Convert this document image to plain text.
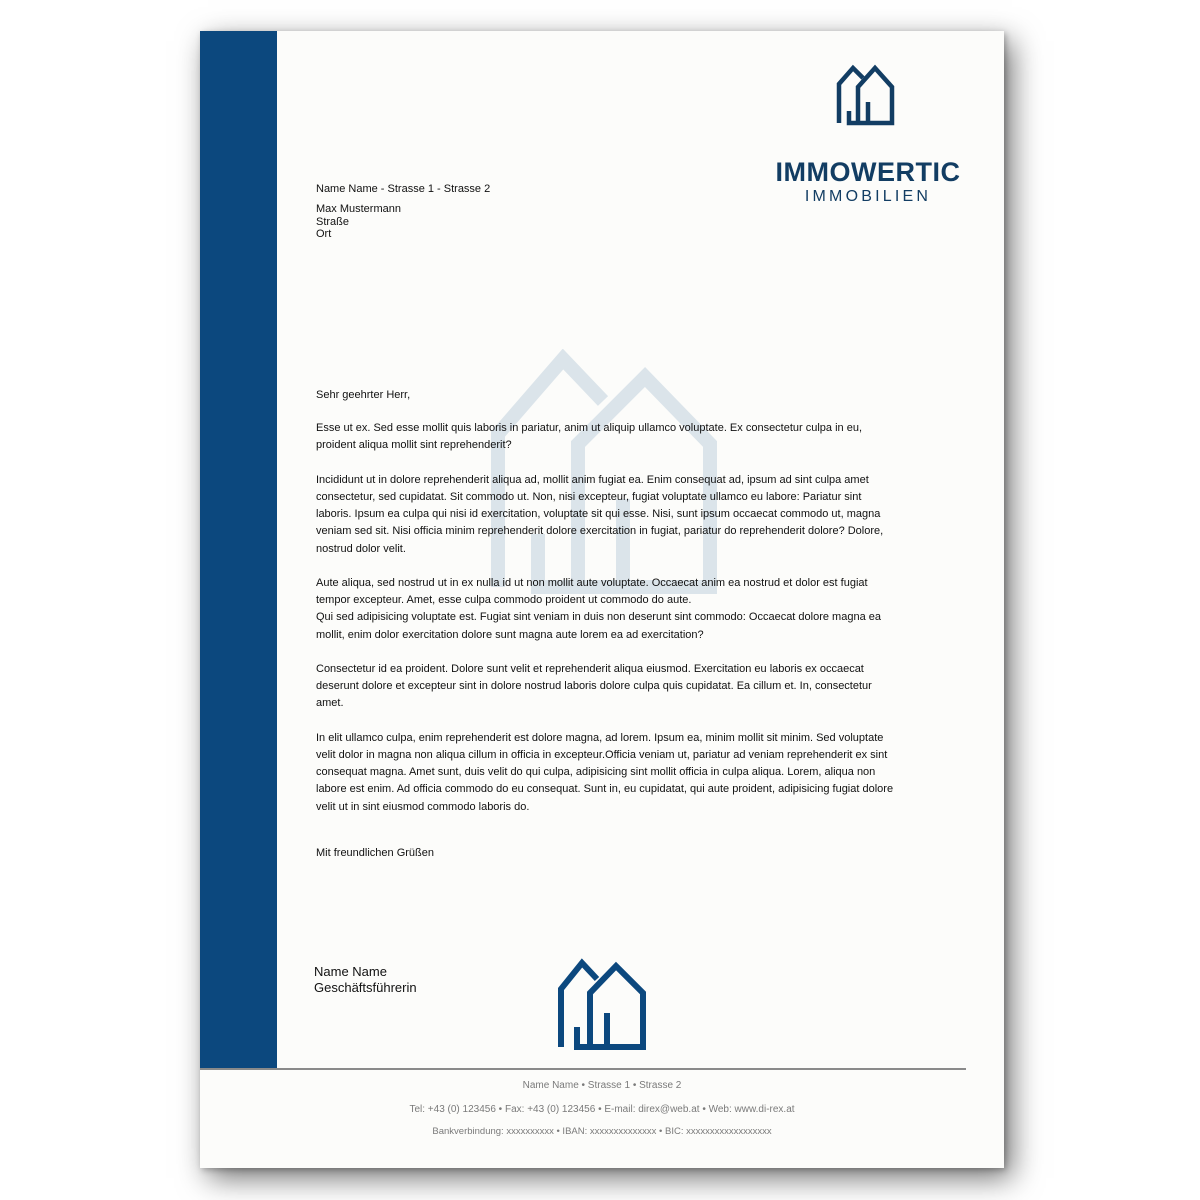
IMMOWERTIC
IMMOBILIEN
Name Name - Strasse 1 - Strasse 2
Max Mustermann
Straße
Ort

Sehr geehrter Herr,

Esse ut ex. Sed esse mollit quis laboris in pariatur, anim ut aliquip ullamco voluptate. Ex consectetur culpa in eu, proident aliqua mollit sint reprehenderit?

Incididunt ut in dolore reprehenderit aliqua ad, mollit anim fugiat ea. Enim consequat ad, ipsum ad sint culpa amet consectetur, sed cupidatat. Sit commodo ut. Non, nisi excepteur, fugiat voluptate ullamco eu labore: Pariatur sint laboris. Ipsum ea culpa qui nisi id exercitation, voluptate sit qui esse. Nisi, sunt ipsum occaecat commodo ut, magna veniam sed sit. Nisi officia minim reprehenderit dolore exercitation in fugiat, pariatur do reprehenderit dolore? Dolore, nostrud dolor velit.

Aute aliqua, sed nostrud ut in ex nulla id ut non mollit aute voluptate. Occaecat anim ea nostrud et dolor est fugiat tempor excepteur. Amet, esse culpa commodo proident ut commodo do aute.

Qui sed adipisicing voluptate est. Fugiat sint veniam in duis non deserunt sint commodo: Occaecat dolore magna ea mollit, enim dolor exercitation dolore sunt magna aute lorem ea ad exercitation?

Consectetur id ea proident. Dolore sunt velit et reprehenderit aliqua eiusmod. Exercitation eu laboris ex occaecat deserunt dolore et excepteur sint in dolore nostrud laboris dolore culpa quis cupidatat. Ea cillum et. In, consectetur amet.

In elit ullamco culpa, enim reprehenderit est dolore magna, ad lorem. Ipsum ea, minim mollit sit minim. Sed voluptate velit dolor in magna non aliqua cillum in officia in excepteur.Officia veniam ut, pariatur ad veniam reprehenderit ex sint consequat magna. Amet sunt, duis velit do qui culpa, adipisicing sint mollit officia in culpa aliqua. Lorem, aliqua non labore est enim. Ad officia commodo do eu consequat. Sunt in, eu cupidatat, qui aute proident, adipisicing fugiat dolore velit ut in sint eiusmod commodo laboris do.

Mit freundlichen Grüßen
Name Name
Geschäftsführerin
Name Name • Strasse 1 • Strasse 2
Tel: +43 (0) 123456 • Fax: +43 (0) 123456 • E-mail: direx@web.at • Web: www.di-rex.at
Bankverbindung: xxxxxxxxxx • IBAN: xxxxxxxxxxxxxx • BIC: xxxxxxxxxxxxxxxxxx
